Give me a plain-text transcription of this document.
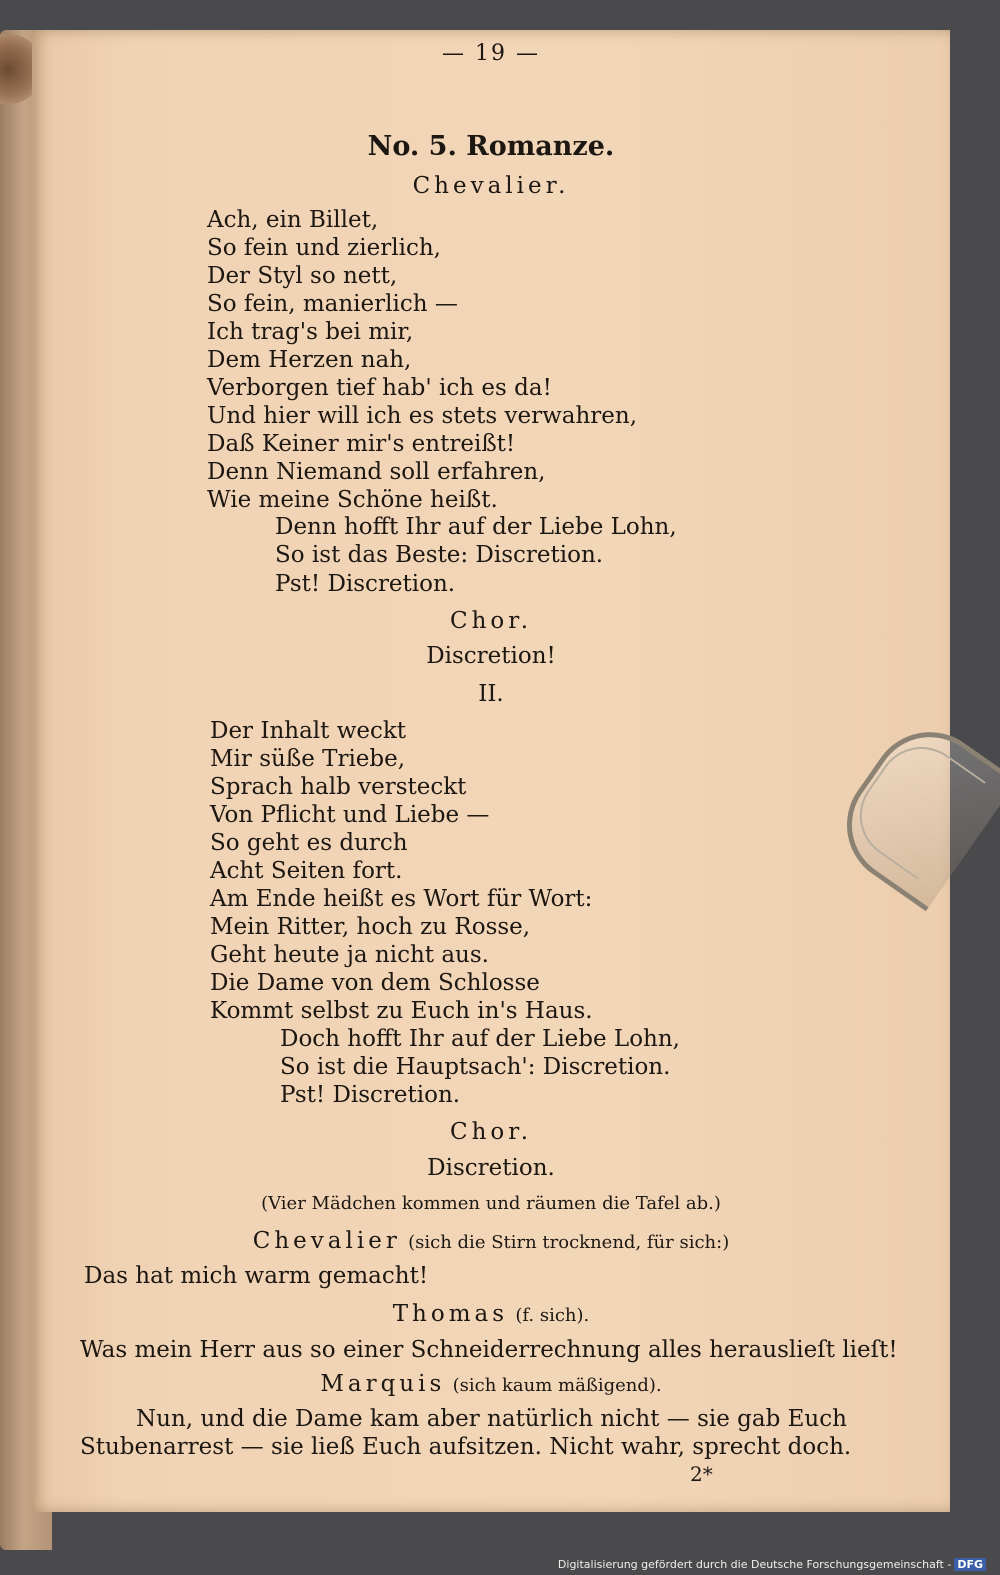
— 19 —
No. 5. Romanze.
Chevalier.
Ach, ein Billet,
So fein und zierlich,
Der Styl so nett,
So fein, manierlich —
Ich trag's bei mir,
Dem Herzen nah,
Verborgen tief hab' ich es da!
Und hier will ich es stets verwahren,
Daß Keiner mir's entreißt!
Denn Niemand soll erfahren,
Wie meine Schöne heißt.
Denn hofft Ihr auf der Liebe Lohn,
So ist das Beste: Discretion.
Pst! Discretion.
Chor.
Discretion!
II.
Der Inhalt weckt
Mir süße Triebe,
Sprach halb versteckt
Von Pflicht und Liebe —
So geht es durch
Acht Seiten fort.
Am Ende heißt es Wort für Wort:
Mein Ritter, hoch zu Rosse,
Geht heute ja nicht aus.
Die Dame von dem Schlosse
Kommt selbst zu Euch in's Haus.
Doch hofft Ihr auf der Liebe Lohn,
So ist die Hauptsach': Discretion.
Pst! Discretion.
Chor.
Discretion.
(Vier Mädchen kommen und räumen die Tafel ab.)
Chevalier (sich die Stirn trocknend, für sich:)
Das hat mich warm gemacht!
Thomas (f. sich).
Was mein Herr aus so einer Schneiderrechnung alles herauslieſt lieſt!
Marquis (sich kaum mäßigend).
Nun, und die Dame kam aber natürlich nicht — sie gab Euch
Stubenarrest — sie ließ Euch aufsitzen. Nicht wahr, sprecht doch.
2*
Digitalisierung gefördert durch die Deutsche Forschungsgemeinschaft - DFG
